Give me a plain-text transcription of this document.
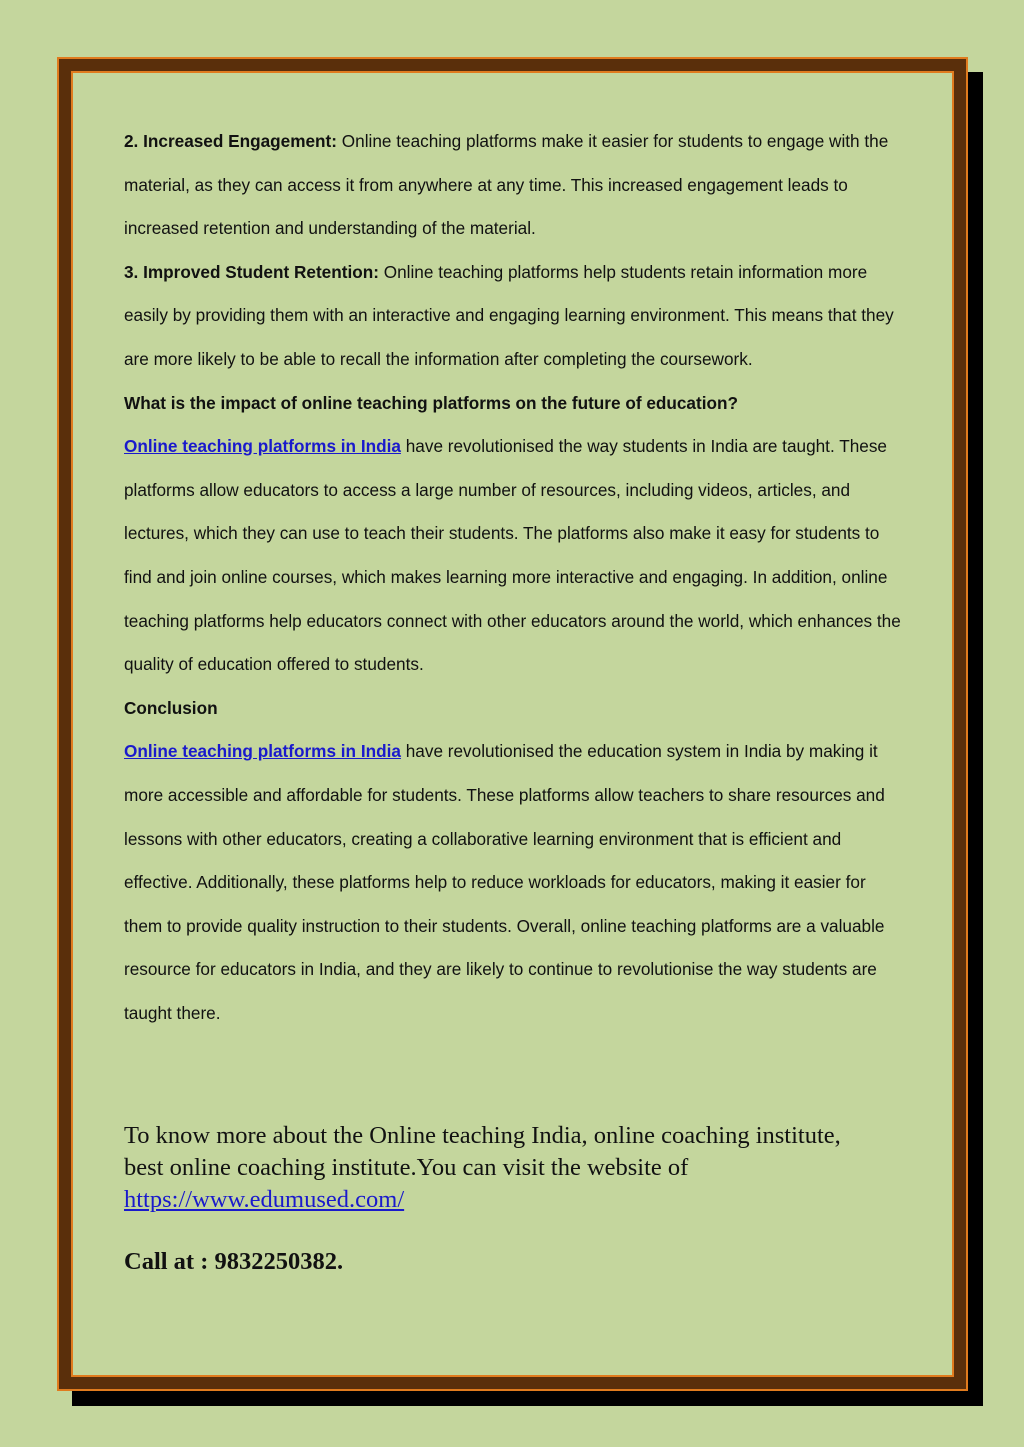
2. Increased Engagement: Online teaching platforms make it easier for students to engage with the material, as they can access it from anywhere at any time. This increased engagement leads to increased retention and understanding of the material.

3. Improved Student Retention: Online teaching platforms help students retain information more easily by providing them with an interactive and engaging learning environment. This means that they are more likely to be able to recall the information after completing the coursework.

What is the impact of online teaching platforms on the future of education?

Online teaching platforms in India have revolutionised the way students in India are taught. These platforms allow educators to access a large number of resources, including videos, articles, and lectures, which they can use to teach their students. The platforms also make it easy for students to find and join online courses, which makes learning more interactive and engaging. In addition, online teaching platforms help educators connect with other educators around the world, which enhances the quality of education offered to students.

Conclusion

Online teaching platforms in India have revolutionised the education system in India by making it more accessible and affordable for students. These platforms allow teachers to share resources and lessons with other educators, creating a collaborative learning environment that is efficient and effective. Additionally, these platforms help to reduce workloads for educators, making it easier for them to provide quality instruction to their students. Overall, online teaching platforms are a valuable resource for educators in India, and they are likely to continue to revolutionise the way students are taught there.

To know more about the Online teaching India, online coaching institute, best online coaching institute.You can visit the website of https://www.edumused.com/

Call at : 9832250382.
